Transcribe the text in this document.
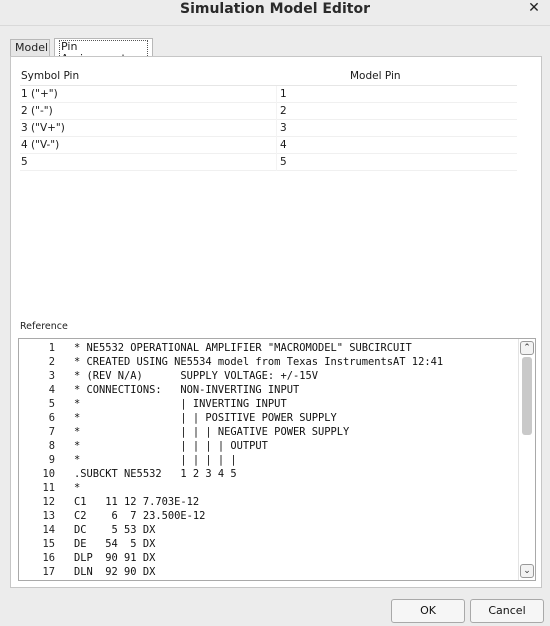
Simulation Model Editor	✕
Model	Pin
Symbol Pin	Model Pin
1 ("+")	1
2 ("-")	2
3 ("V+")	3
4 ("V-")	4
5	5
Reference
1 * NE5532 OPERATIONAL AMPLIFIER "MACROMODEL" SUBCIRCUIT
2 * CREATED USING NE5534 model from Texas InstrumentsAT 12:41
3 * (REV N/A)      SUPPLY VOLTAGE: +/-15V
4 * CONNECTIONS:   NON-INVERTING INPUT
5 *                | INVERTING INPUT
6 *                | | POSITIVE POWER SUPPLY
7 *                | | | NEGATIVE POWER SUPPLY
8 *                | | | | OUTPUT
9 *                | | | | |
10 .SUBCKT NE5532   1 2 3 4 5
11 *
12 C1   11 12 7.703E-12
13 C2    6  7 23.500E-12
14 DC    5 53 DX
15 DE   54  5 DX
16 DLP  90 91 DX
17 DLN  92 90 DX
⌃
⌄
OK	Cancel
